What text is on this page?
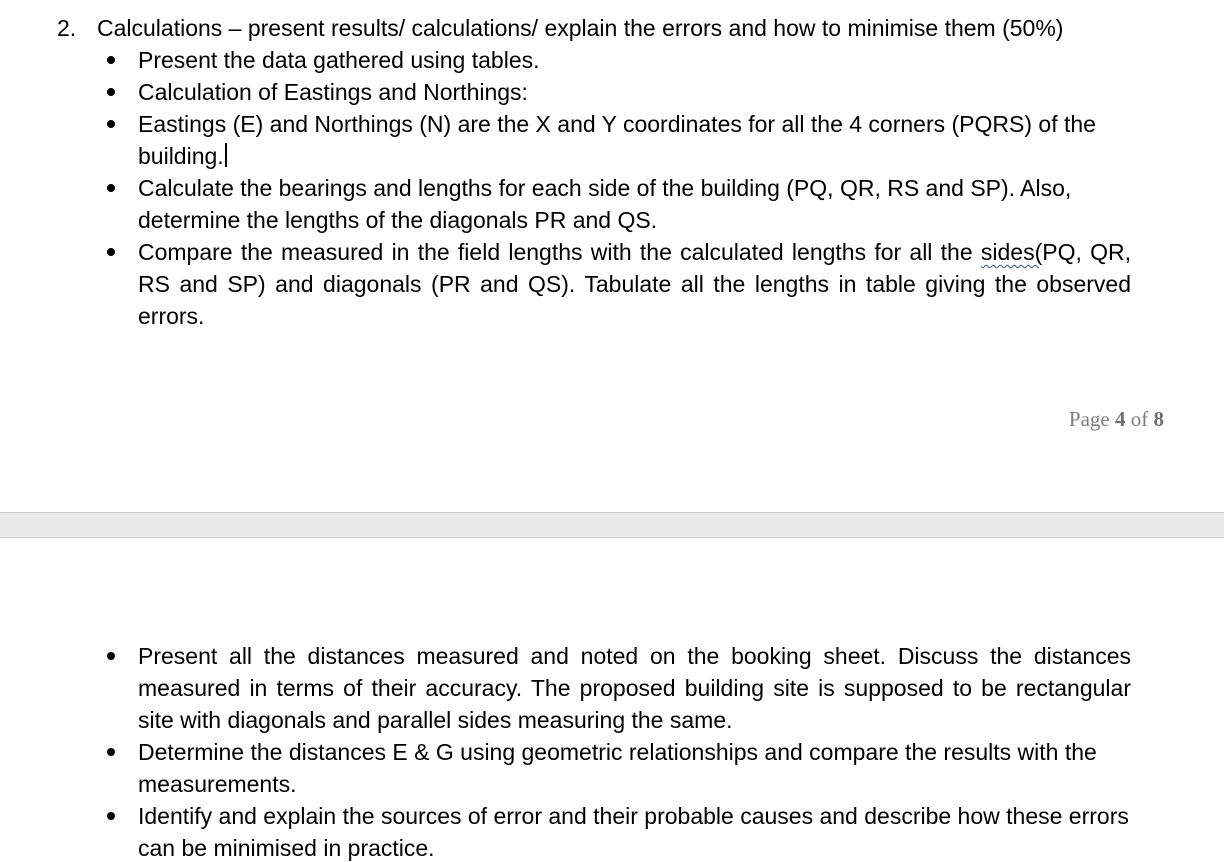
2. Calculations – present results/ calculations/ explain the errors and how to minimise them (50%)
Present the data gathered using tables.
Calculation of Eastings and Northings:
Eastings (E) and Northings (N) are the X and Y coordinates for all the 4 corners (PQRS) of the building.
Calculate the bearings and lengths for each side of the building (PQ, QR, RS and SP). Also, determine the lengths of the diagonals PR and QS.
Compare the measured in the field lengths with the calculated lengths for all the sides(PQ, QR, RS and SP) and diagonals (PR and QS). Tabulate all the lengths in table giving the observed errors.
Page 4 of 8
Present all the distances measured and noted on the booking sheet. Discuss the distances measured in terms of their accuracy. The proposed building site is supposed to be rectangular site with diagonals and parallel sides measuring the same.
Determine the distances E & G using geometric relationships and compare the results with the measurements.
Identify and explain the sources of error and their probable causes and describe how these errors can be minimised in practice.
